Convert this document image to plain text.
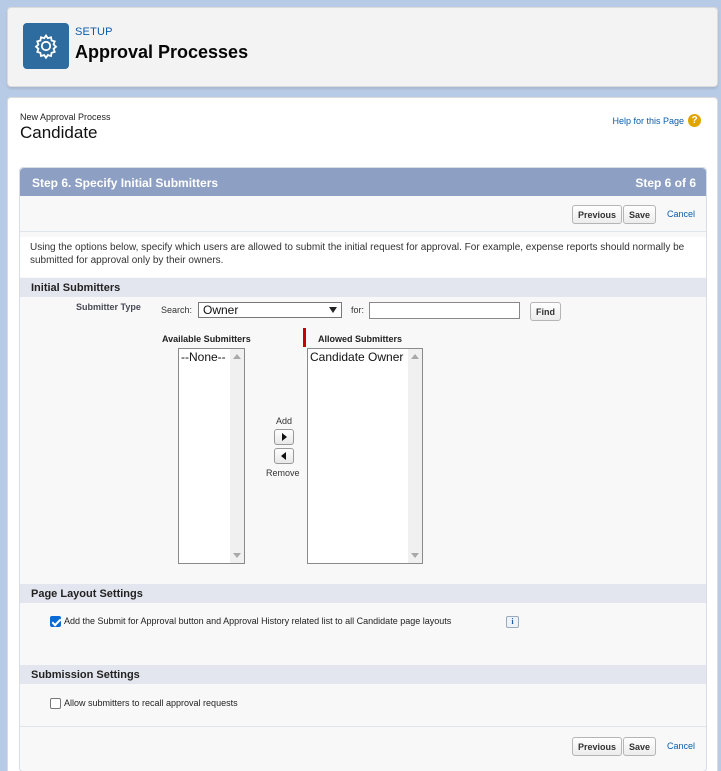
SETUP
Approval Processes
New Approval Process
Candidate
Help for this Page ?
Step 6. Specify Initial Submitters	Step 6 of 6
Previous	Save	Cancel
Using the options below, specify which users are allowed to submit the initial request for approval. For example, expense reports should normally be submitted for approval only by their owners.
Initial Submitters
Submitter Type Search: Owner	for:	Find
Available Submitters
--None--
Add
Remove
Allowed Submitters
Candidate Owner
Page Layout Settings
Add the Submit for Approval button and Approval History related list to all Candidate page layouts	i
Submission Settings
Allow submitters to recall approval requests
Previous	Save	Cancel
